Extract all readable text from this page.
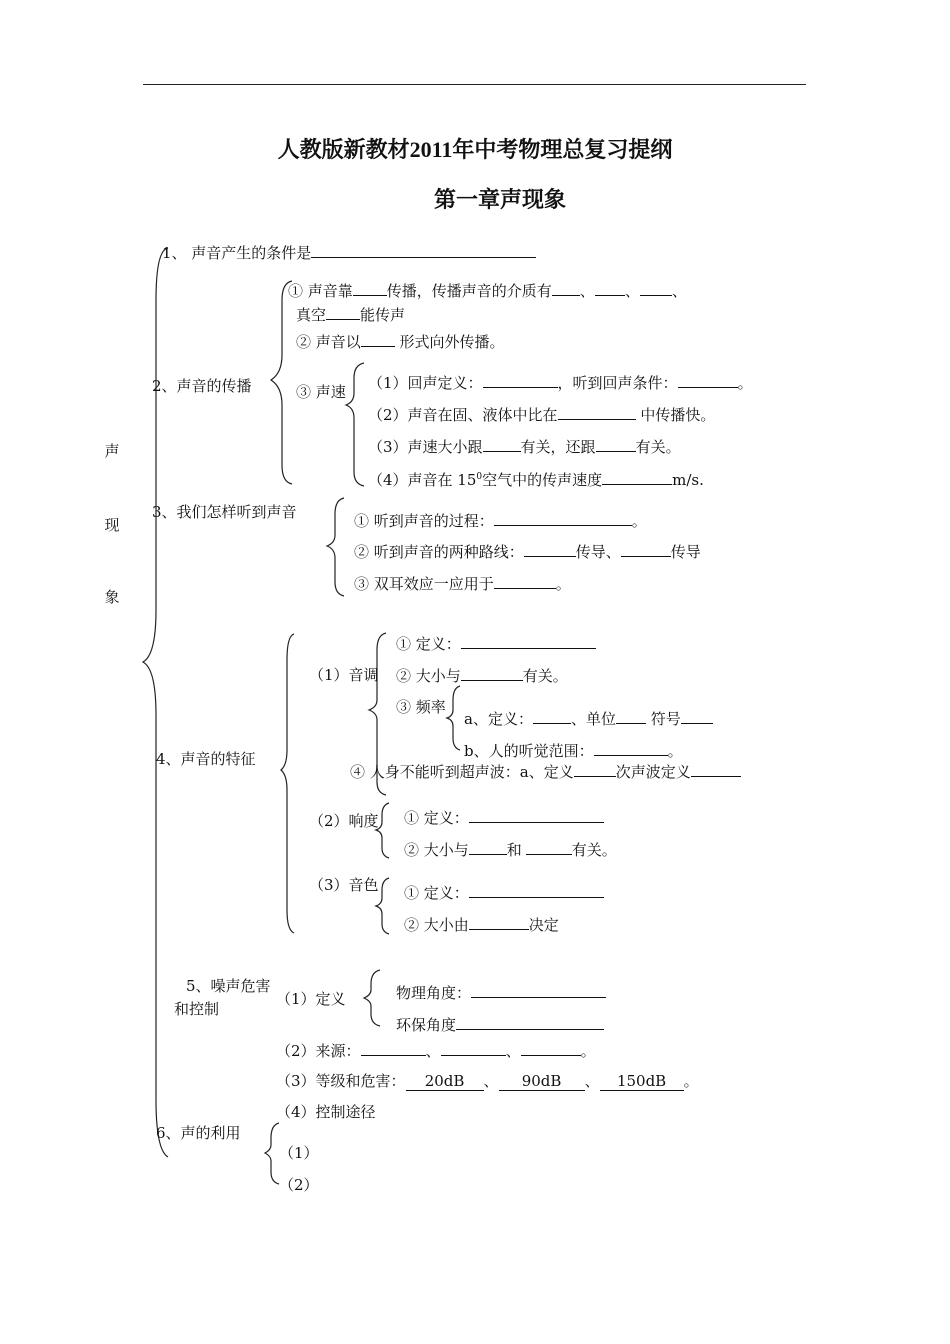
人教版新教材2011年中考物理总复习提纲
第一章声现象
声
现
象
1、 声音产生的条件是
2、声音的传播
① 声音靠 传播，传播声音的介质有 、 、 、
真空 能传声
② 声音以 形式向外传播。
③ 声速 （1）回声定义：	，听到回声条件：	。
（2）声音在固、液体中比在	中传播快。
（3）声速大小跟	有关，还跟	有关。
（4）声音在 $15^0$空气中的传声速度	m/s.
3、我们怎样听到声音	① 听到声音的过程：	。
② 听到声音的两种路线：	传导、	传导
③ 双耳效应一应用于	。
4、声音的特征
（1）音调
① 定义：
② 大小与	有关。
③ 频率
a、定义：	、单位 符号
b、人的听觉范围：	。
④ 人身不能听到超声波：a、定义	次声波定义
（2）响度 ① 定义：
② 大小与	和	有关。
（3）音色 ① 定义：
② 大小由	决定
5、噪声危害
和控制
（1）定义	物理角度：
环保角度
（2）来源：	、	、	。
（3）等级和危害： 20dB 、 90dB 、 150dB 。
（4）控制途径
6、声的利用
（1）
（2）
